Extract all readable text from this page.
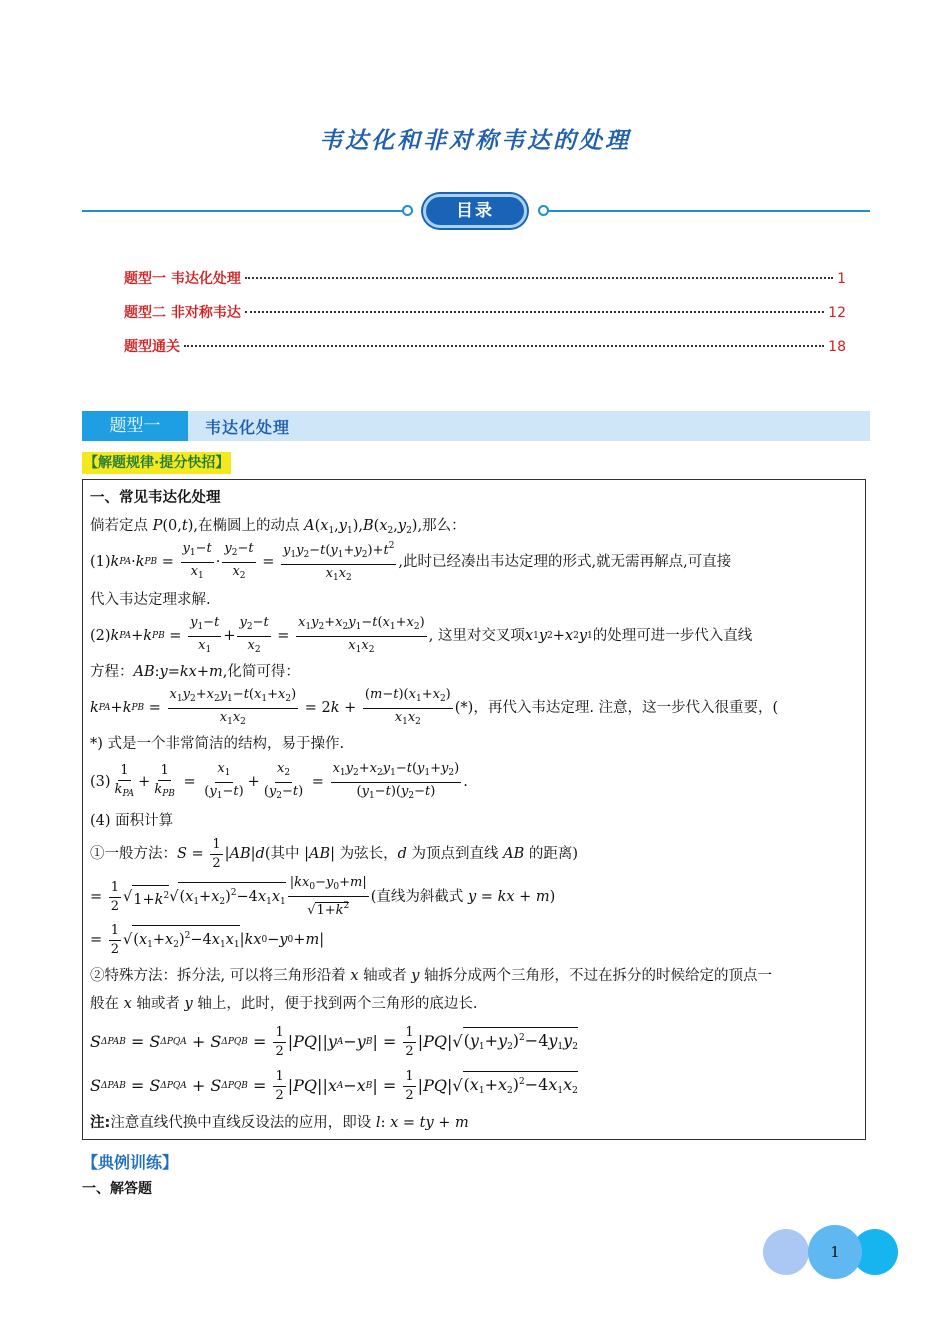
韦达化和非对称韦达的处理
目录
题型一 韦达化处理	1
题型二 非对称韦达	12
题型通关	18
题型一	韦达化处理
【解题规律·提分快招】
一、常见韦达化处理
倘若定点 P(0,t),在椭圆上的动点 $A(x_1,y_1),B(x_2,y_2)$,那么：
(1) k PA · k PB = $\frac{y_1-t}{x_1} \cdot \frac{y_2-t}{x_2} = \frac{y_1y_2-t(y_1+y_2)+t^2}{x_1x_2}$ ,此时已经凑出韦达定理的形式,就无需再解点,可直接
代入韦达定理求解.
(2) k PA + k PB = $\frac{y_1-t}{x_1} + \frac{y_2-t}{x_2} = \frac{x_1y_2+x_2y_1-t(x_1+x_2)}{x_1x_2}$ , 这里对交叉项 x 1 y 2 + x 2 y 1 的处理可进一步代入直线
方程：AB:y=kx+m,化简可得：
k PA + k PB = $\frac{x_1y_2+x_2y_1-t(x_1+x_2)}{x_1x_2} = 2$ $k + \frac{(m-t)(x_1+x_2)}{x_1x_2}$ (*)，再代入韦达定理. 注意，这一步代入很重要，(
*) 式是一个非常简洁的结构，易于操作.
$(3) \frac{1}{k_{PA}} + \frac{1}{k_{PB}} = \frac{x_1}{(y_1-t)} + \frac{x_2}{(y_2-t)} = \frac{x_1y_2+x_2y_1-t(y_1+y_2)}{(y_1-t)(y_2-t)}$ .
(4) 面积计算
①一般方法： $S = \frac{1}{2}$ | AB | d (其中 | AB | 为弦长， d
为顶点到直线
AB
的距离)
= $\frac{1}{2}$ √ $1+k^2$ √ $(x_1+x_2)^2-4x_1x_1 \frac{|kx_0-y_0+m|}{√1+k^2}$ (直线为斜截式
y = kx + m )
= $\frac{1}{2}$ √ $(x_1+x_2)^2-4x_1x_1$ | kx 0 − y 0 + m |
②特殊方法：拆分法, 可以将三角形沿着 x 轴或者 y 轴拆分成两个三角形，不过在拆分的时候给定的顶点一
般在 x 轴或者 y 轴上，此时，便于找到两个三角形的底边长.
S ΔPAB = S ΔPQA + S $\Delta PQB = \frac{1}{2}$ | PQ || y A − y B | = $\frac{1}{2}$ | PQ |√ $(y_1+y_2)^2-4y_1y_2$
S ΔPAB = S ΔPQA + S $\Delta PQB = \frac{1}{2}$ | PQ || x A − x B | = $\frac{1}{2}$ | PQ |√ $(x_1+x_2)^2-4x_1x_2$
注:注意直线代换中直线反设法的应用，即设 l: x = ty + m
【典例训练】
一、解答题
1
